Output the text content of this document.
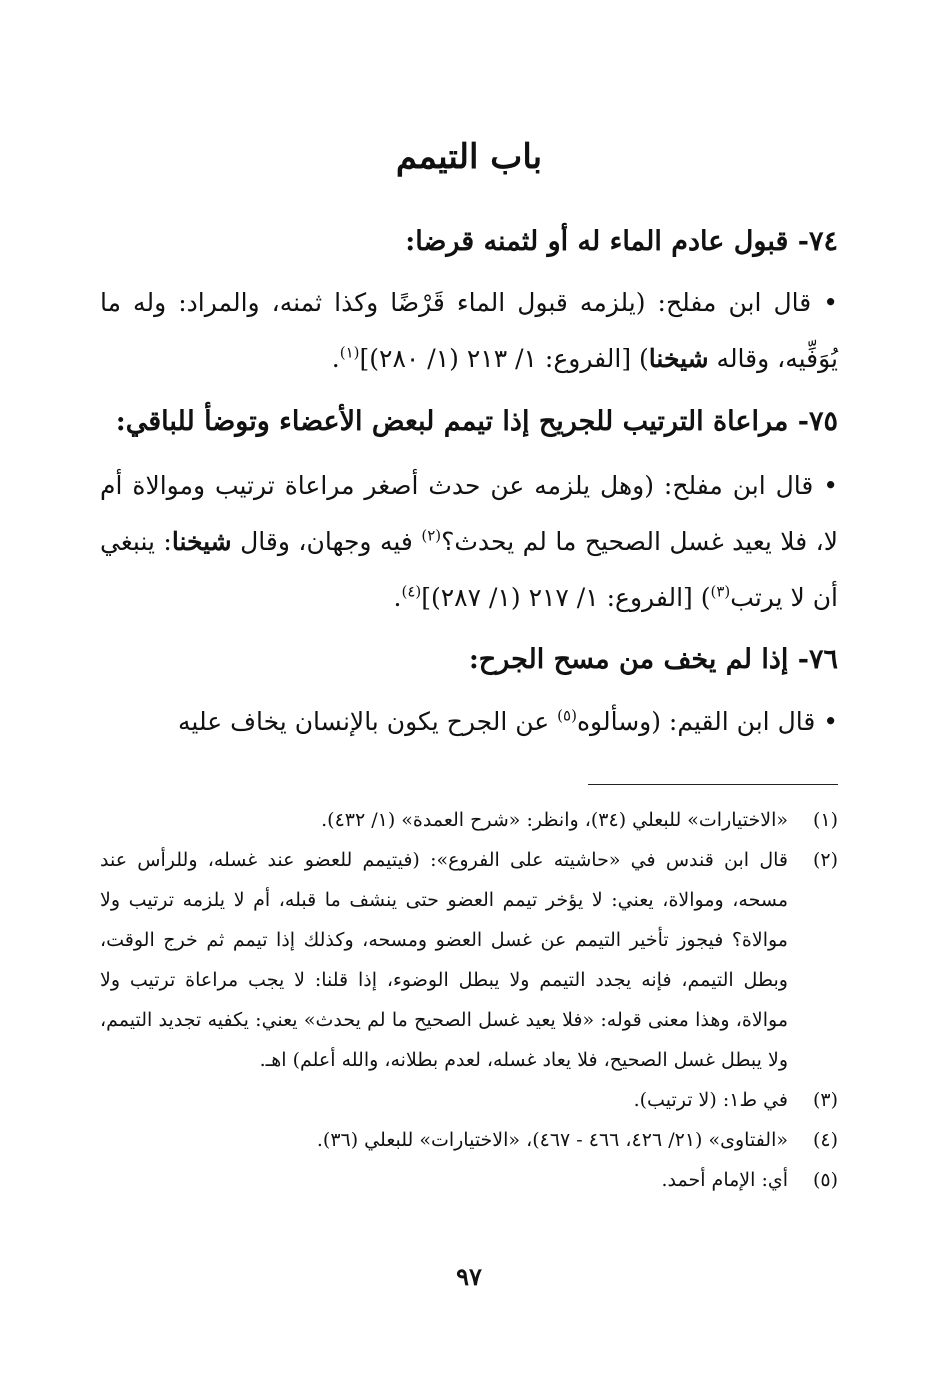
باب التيمم
٧٤- قبول عادم الماء له أو لثمنه قرضا:
• قال ابن مفلح: (يلزمه قبول الماء قَرْضًا وكذا ثمنه، والمراد: وله ما يُوَفِّيه، وقاله شيخنا) [الفروع: ١/ ٢١٣ (١/ ٢٨٠)]$^{(١)}$.
٧٥- مراعاة الترتيب للجريح إذا تيمم لبعض الأعضاء وتوضأ للباقي:
• قال ابن مفلح: (وهل يلزمه عن حدث أصغر مراعاة ترتيب وموالاة أم لا، فلا يعيد غسل الصحيح ما لم يحدث؟$^{(٢)}$ فيه وجهان، وقال شيخنا: ينبغي أن لا يرتب$^{(٣)}$) [الفروع: ١/ ٢١٧ (١/ ٢٨٧)]$^{(٤)}$.
٧٦- إذا لم يخف من مسح الجرح:
• قال ابن القيم: (وسألوه$^{(٥)}$ عن الجرح يكون بالإنسان يخاف عليه
(١)
«الاختيارات» للبعلي (٣٤)، وانظر: «شرح العمدة» (١/ ٤٣٢).
(٢)
قال ابن قندس في «حاشيته على الفروع»: (فيتيمم للعضو عند غسله، وللرأس عند مسحه، وموالاة، يعني: لا يؤخر تيمم العضو حتى ينشف ما قبله، أم لا يلزمه ترتيب ولا موالاة؟ فيجوز تأخير التيمم عن غسل العضو ومسحه، وكذلك إذا تيمم ثم خرج الوقت، وبطل التيمم، فإنه يجدد التيمم ولا يبطل الوضوء، إذا قلنا: لا يجب مراعاة ترتيب ولا موالاة، وهذا معنى قوله: «فلا يعيد غسل الصحيح ما لم يحدث» يعني: يكفيه تجديد التيمم، ولا يبطل غسل الصحيح، فلا يعاد غسله، لعدم بطلانه، والله أعلم) اهـ.
(٣)
في ط١: (لا ترتيب).
(٤)
«الفتاوى» (٢١/ ٤٢٦، ٤٦٦ - ٤٦٧)، «الاختيارات» للبعلي (٣٦).
(٥)
أي: الإمام أحمد.
٩٧
